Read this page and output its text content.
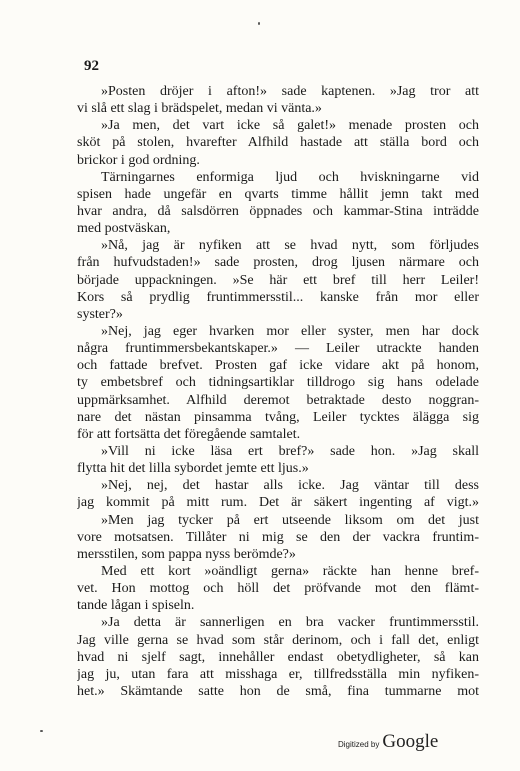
92
»Posten dröjer i afton!» sade kaptenen. »Jag tror att
vi slå ett slag i brädspelet, medan vi vänta.»
»Ja men, det vart icke så galet!» menade prosten och
sköt på stolen, hvarefter Alfhild hastade att ställa bord och
brickor i god ordning.
Tärningarnes enformiga ljud och hviskningarne vid
spisen hade ungefär en qvarts timme hållit jemn takt med
hvar andra, då salsdörren öppnades och kammar-Stina inträdde
med postväskan,
»Nå, jag är nyfiken att se hvad nytt, som förljudes
från hufvudstaden!» sade prosten, drog ljusen närmare och
började uppackningen. »Se här ett bref till herr Leiler!
Kors så prydlig fruntimmersstil... kanske från mor eller
syster?»
»Nej, jag eger hvarken mor eller syster, men har dock
några fruntimmersbekantskaper.» — Leiler utrackte handen
och fattade brefvet. Prosten gaf icke vidare akt på honom,
ty embetsbref och tidningsartiklar tilldrogo sig hans odelade
uppmärksamhet. Alfhild deremot betraktade desto noggran-
nare det nästan pinsamma tvång, Leiler tycktes älägga sig
för att fortsätta det föregående samtalet.
»Vill ni icke läsa ert bref?» sade hon. »Jag skall
flytta hit det lilla sybordet jemte ett ljus.»
»Nej, nej, det hastar alls icke. Jag väntar till dess
jag kommit på mitt rum. Det är säkert ingenting af vigt.»
»Men jag tycker på ert utseende liksom om det just
vore motsatsen. Tillåter ni mig se den der vackra fruntim-
mersstilen, som pappa nyss berömde?»
Med ett kort »oändligt gerna» räckte han henne bref-
vet. Hon mottog och höll det pröfvande mot den flämt-
tande lågan i spiseln.
»Ja detta är sannerligen en bra vacker fruntimmersstil.
Jag ville gerna se hvad som står derinom, och i fall det, enligt
hvad ni sjelf sagt, innehåller endast obetydligheter, så kan
jag ju, utan fara att misshaga er, tillfredsställa min nyfiken-
het.» Skämtande satte hon de små, fina tummarne mot
Digitized by Google
